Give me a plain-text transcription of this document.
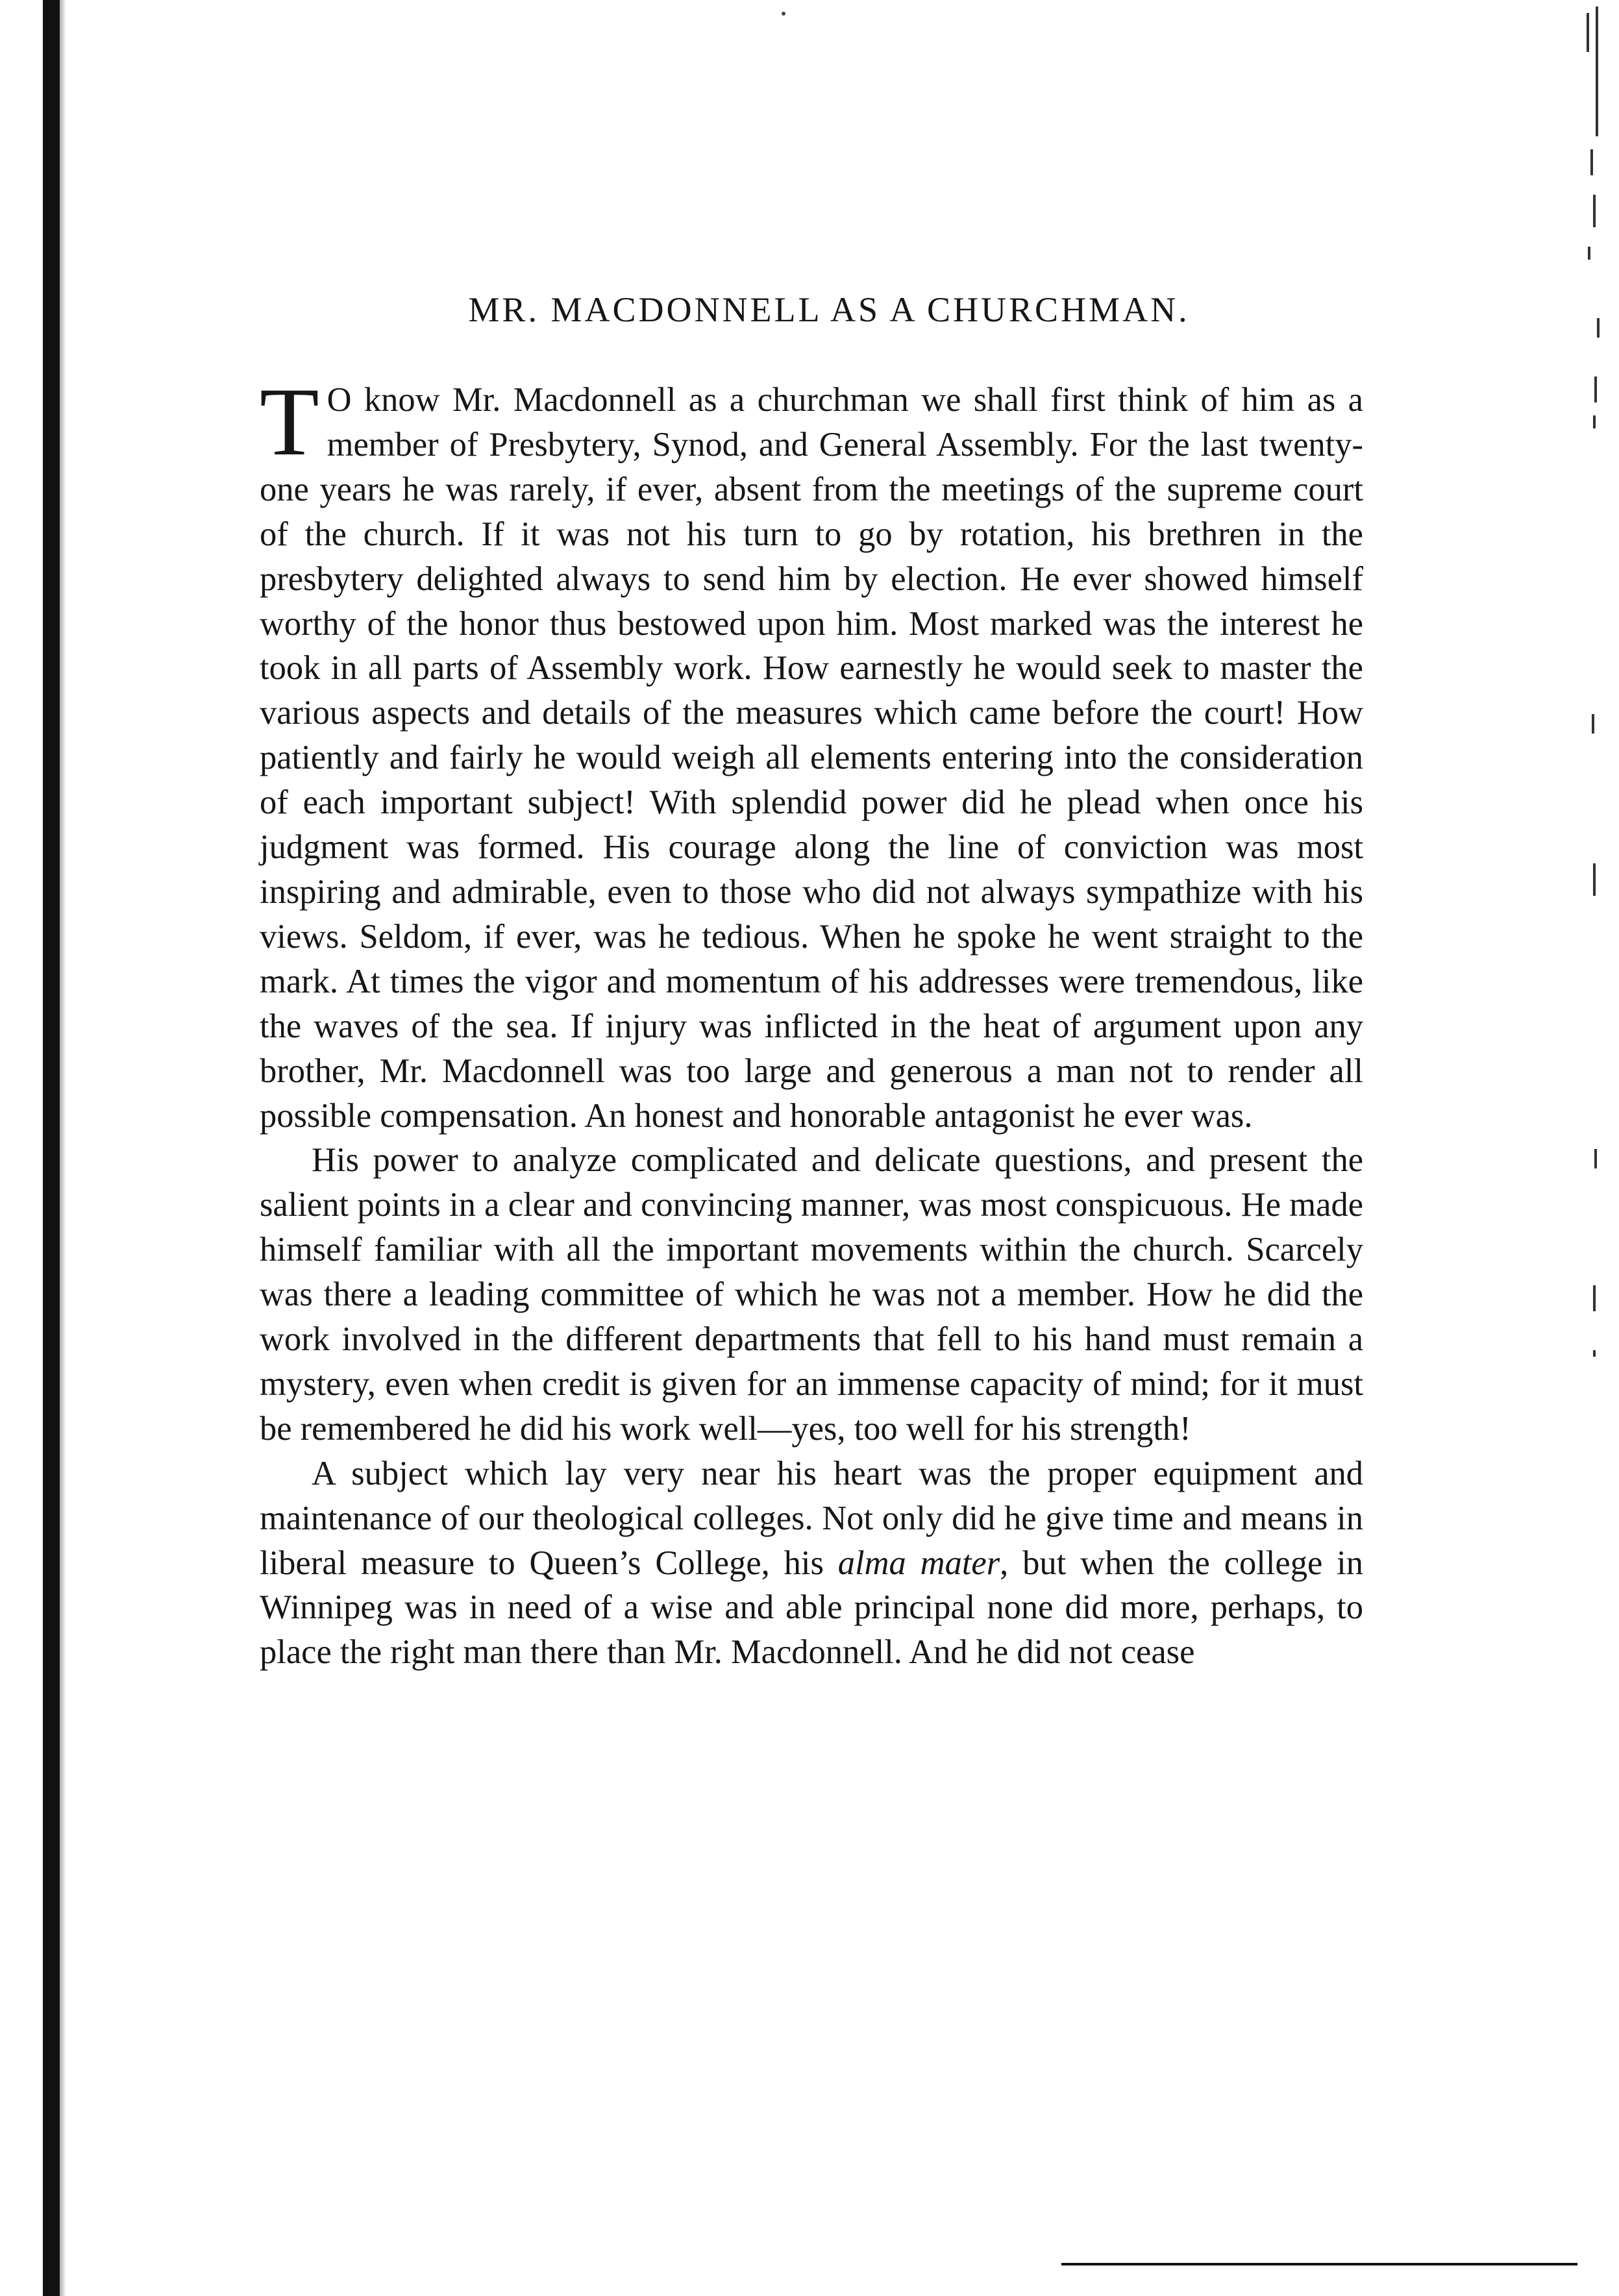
MR. MACDONNELL AS A CHURCHMAN.

TO know Mr. Macdonnell as a churchman we shall first think of him as a member of Presbytery, Synod, and General Assembly. For the last twenty-one years he was rarely, if ever, absent from the meetings of the supreme court of the church. If it was not his turn to go by rotation, his brethren in the presbytery delighted always to send him by election. He ever showed himself worthy of the honor thus bestowed upon him. Most marked was the interest he took in all parts of Assembly work. How earnestly he would seek to master the various aspects and details of the measures which came before the court! How patiently and fairly he would weigh all elements entering into the consideration of each important subject! With splendid power did he plead when once his judgment was formed. His courage along the line of conviction was most inspiring and admirable, even to those who did not always sympathize with his views. Seldom, if ever, was he tedious. When he spoke he went straight to the mark. At times the vigor and momentum of his addresses were tremendous, like the waves of the sea. If injury was inflicted in the heat of argument upon any brother, Mr. Macdonnell was too large and generous a man not to render all possible compensation. An honest and honorable antagonist he ever was.

His power to analyze complicated and delicate questions, and present the salient points in a clear and convincing manner, was most conspicuous. He made himself familiar with all the important movements within the church. Scarcely was there a leading committee of which he was not a member. How he did the work involved in the different departments that fell to his hand must remain a mystery, even when credit is given for an immense capacity of mind; for it must be remembered he did his work well—yes, too well for his strength!

A subject which lay very near his heart was the proper equipment and maintenance of our theological colleges. Not only did he give time and means in liberal measure to Queen’s College, his alma mater, but when the college in Winnipeg was in need of a wise and able principal none did more, perhaps, to place the right man there than Mr. Macdonnell. And he did not cease
